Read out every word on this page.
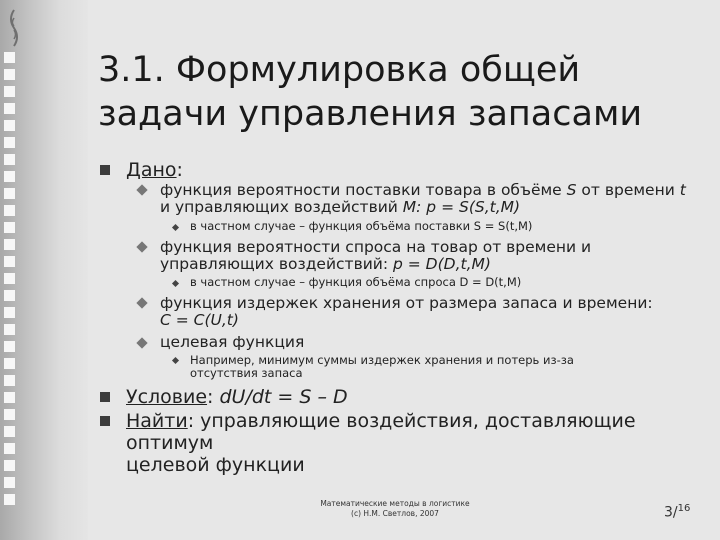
3.1. Формулировка общей
задачи управления запасами
Дано:
функция вероятности поставки товара в объёме S от времени t
и управляющих воздействий M: p = S(S,t,M)
в частном случае – функция объёма поставки S = S(t,M)
функция вероятности спроса на товар от времени и
управляющих воздействий: p = D(D,t,M)
в частном случае – функция объёма спроса D = D(t,M)
функция издержек хранения от размера запаса и времени:
C = C(U,t)
целевая функция
Например, минимум суммы издержек хранения и потерь из-за
отсутствия запаса
Условие: dU/dt = S – D
Найти: управляющие воздействия, доставляющие оптимум
целевой функции
Математические методы в логистике
(с) Н.М. Светлов, 2007	3/$^{16}$
